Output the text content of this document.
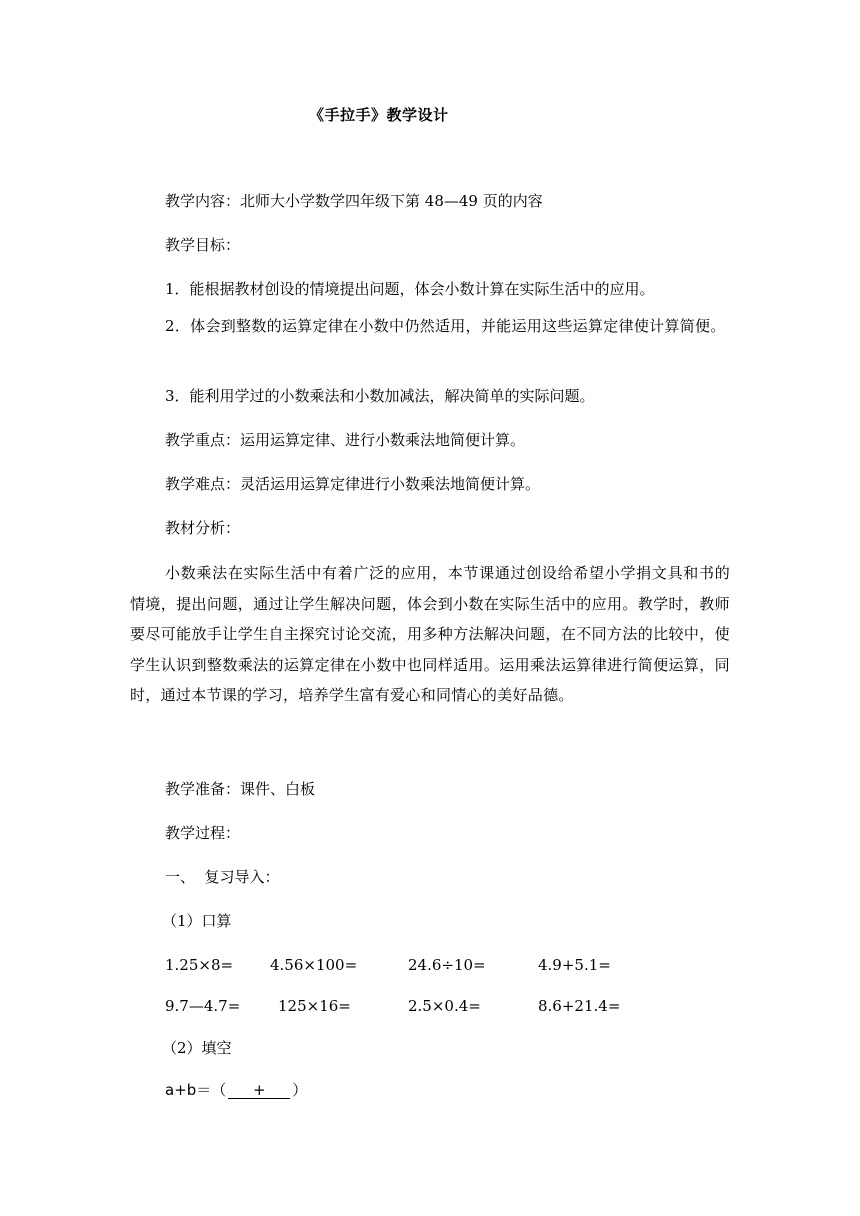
《手拉手》教学设计
教学内容：北师大小学数学四年级下第 48—49 页的内容
教学目标：
1．能根据教材创设的情境提出问题，体会小数计算在实际生活中的应用。
2．体会到整数的运算定律在小数中仍然适用，并能运用这些运算定律使计算简便。
3．能利用学过的小数乘法和小数加减法，解决简单的实际问题。
教学重点：运用运算定律、进行小数乘法地简便计算。
教学难点：灵活运用运算定律进行小数乘法地简便计算。
教材分析：
小数乘法在实际生活中有着广泛的应用，本节课通过创设给希望小学捐文具和书的情境，提出问题，通过让学生解决问题，体会到小数在实际生活中的应用。教学时，教师要尽可能放手让学生自主探究讨论交流，用多种方法解决问题，在不同方法的比较中，使学生认识到整数乘法的运算定律在小数中也同样适用。运用乘法运算律进行简便运算，同时，通过本节课的学习，培养学生富有爱心和同情心的美好品德。
教学准备：课件、白板
教学过程：
一、  复习导入：
（1）口算
1.25×8= 4.56×100=	24.6÷10=	4.9+5.1=
9.7—4.7=	125×16=	2.5×0.4=	8.6+21.4=
（2）填空
a+b＝（ + ）
